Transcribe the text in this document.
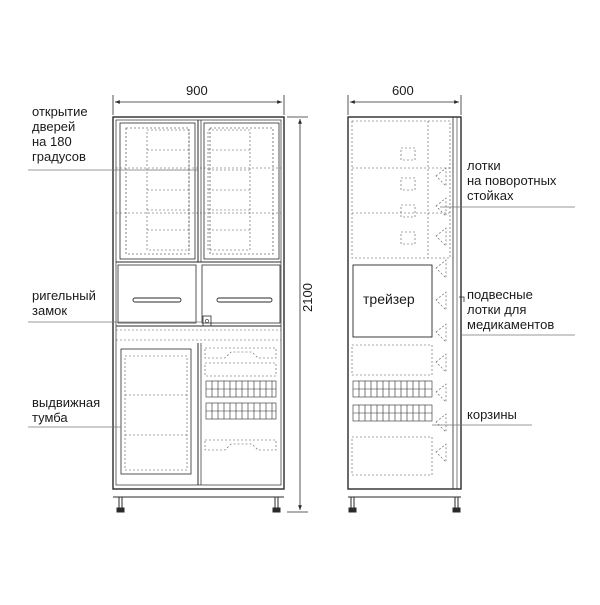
900	600
2100
открытие
дверей
на 180
градусов
ригельный
замок
выдвижная
тумба
лотки
на поворотных
стойках
подвесные
лотки для
медикаментов
корзины
трейзер
